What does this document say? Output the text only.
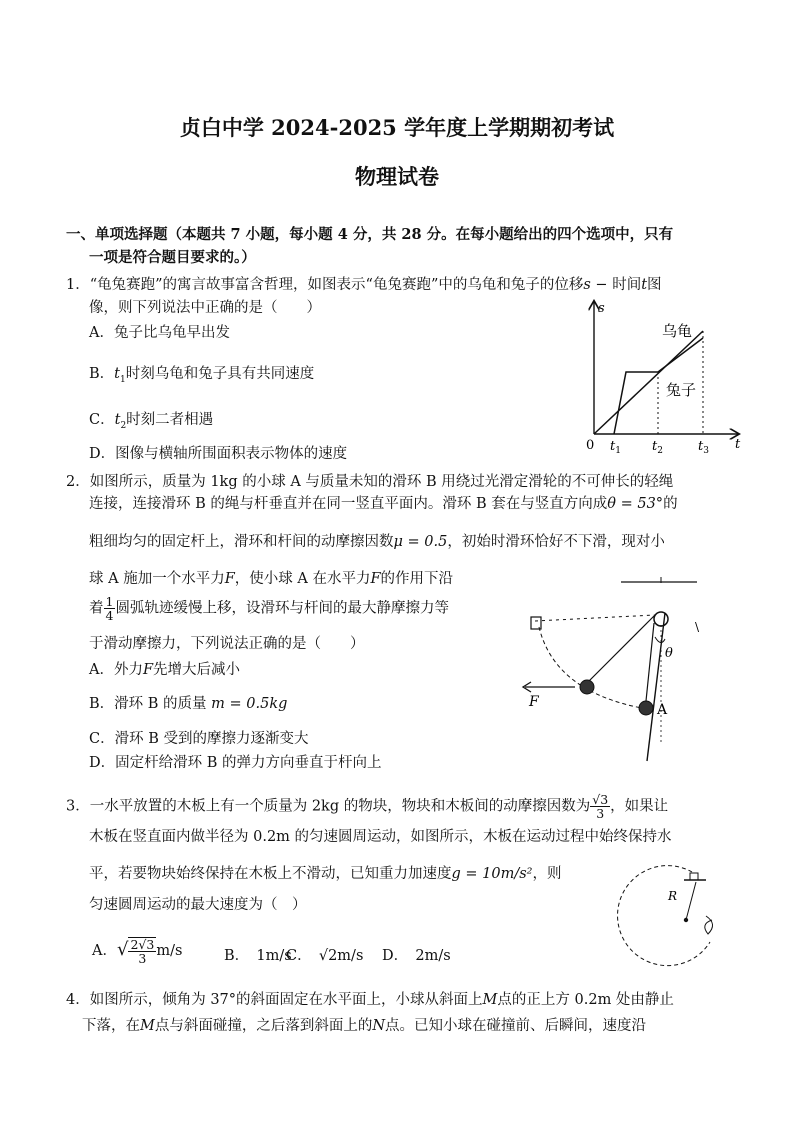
贞白中学 2024-2025 学年度上学期期初考试
物理试卷
一、单项选择题（本题共 7 小题，每小题 4 分，共 28 分。在每小题给出的四个选项中，只有
一项是符合题目要求的。）
1．“龟兔赛跑”的寓言故事富含哲理，如图表示“龟兔赛跑”中的乌龟和兔子的位移s − 时间t图
像，则下列说法中正确的是（　　）
A．兔子比乌龟早出发
B．$t_1$时刻乌龟和兔子具有共同速度
C．$t_2$时刻二者相遇
D．图像与横轴所围面积表示物体的速度
s
t
0
乌龟
兔子
$t_1$ $t_2$	$t_3$
2．如图所示，质量为 1kg 的小球 A 与质量未知的滑环 B 用绕过光滑定滑轮的不可伸长的轻绳
连接，连接滑环 B 的绳与杆垂直并在同一竖直平面内。滑环 B 套在与竖直方向成θ = 53°的
粗细均匀的固定杆上，滑环和杆间的动摩擦因数μ = 0.5，初始时滑环恰好不下滑，现对小
球 A 施加一个水平力F，使小球 A 在水平力F的作用下沿
着 $\frac{1}{4}$ 圆弧轨迹缓慢上移，设滑环与杆间的最大静摩擦力等
于滑动摩擦力，下列说法正确的是（　　）
A．外力F先增大后减小
B．滑环 B 的质量 m = 0.5kg
C．滑环 B 受到的摩擦力逐渐变大
D．固定杆给滑环 B 的弹力方向垂直于杆向上
θ
F	A
\
3．一水平放置的木板上有一个质量为 2kg 的物块，物块和木板间的动摩擦因数为 $\frac{√3}{3}$ ，如果让
木板在竖直面内做半径为 0.2m 的匀速圆周运动，如图所示，木板在运动过程中始终保持水
平，若要物块始终保持在木板上不滑动，已知重力加速度g = 10m/s²，则
匀速圆周运动的最大速度为（　）
A．√ $\frac{2√3}{3} m/s$	B．　1m/s
C．　√2m/s D．　2m/s
R
4．如图所示，倾角为 37°的斜面固定在水平面上，小球从斜面上M点的正上方 0.2m 处由静止
下落，在M点与斜面碰撞，之后落到斜面上的N点。已知小球在碰撞前、后瞬间，速度沿
